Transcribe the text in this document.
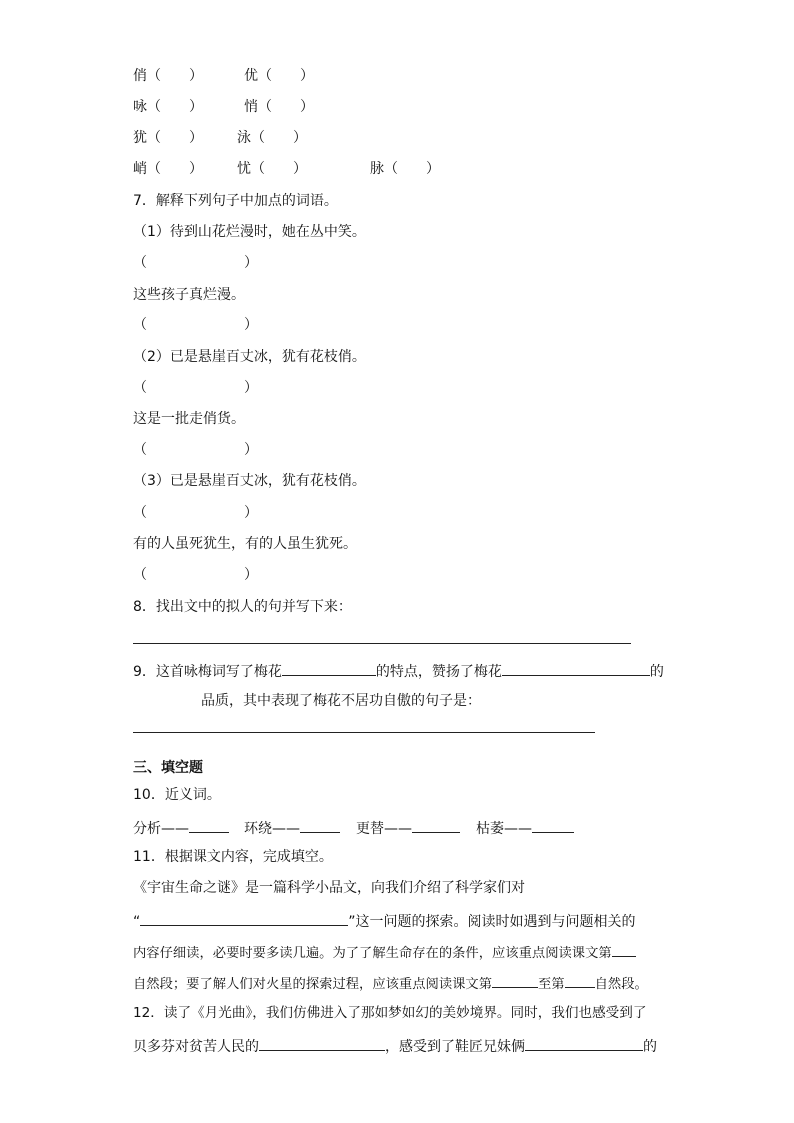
俏（　　）	优（　　）
咏（　　）	悄（　　）
犹（　　） 泳（　　）
峭（　　） 忧（　　）	脉（　　）
7．解释下列句子中加点的词语。
（1）待到山花烂漫时，她在丛中笑。
（	）
这些孩子真烂漫。
（	）
（2）已是悬崖百丈冰，犹有花枝俏。
（	）
这是一批走俏货。
（	）
（3）已是悬崖百丈冰，犹有花枝俏。
（	）
有的人虽死犹生，有的人虽生犹死。
（	）
8．找出文中的拟人的句并写下来：
9．这首咏梅词写了梅花	的特点，赞扬了梅花	的
品质，其中表现了梅花不居功自傲的句子是：
三、填空题
10．近义词。
分析——	环绕——	更替——	枯萎——
11．根据课文内容，完成填空。
《宇宙生命之谜》是一篇科学小品文，向我们介绍了科学家们对
“	”这一问题的探索。阅读时如遇到与问题相关的
内容仔细读，必要时要多读几遍。为了了解生命存在的条件，应该重点阅读课文第
自然段；要了解人们对火星的探索过程，应该重点阅读课文第	至第 自然段。
12．读了《月光曲》，我们仿佛进入了那如梦如幻的美妙境界。同时，我们也感受到了
贝多芬对贫苦人民的	，感受到了鞋匠兄妹俩	的
